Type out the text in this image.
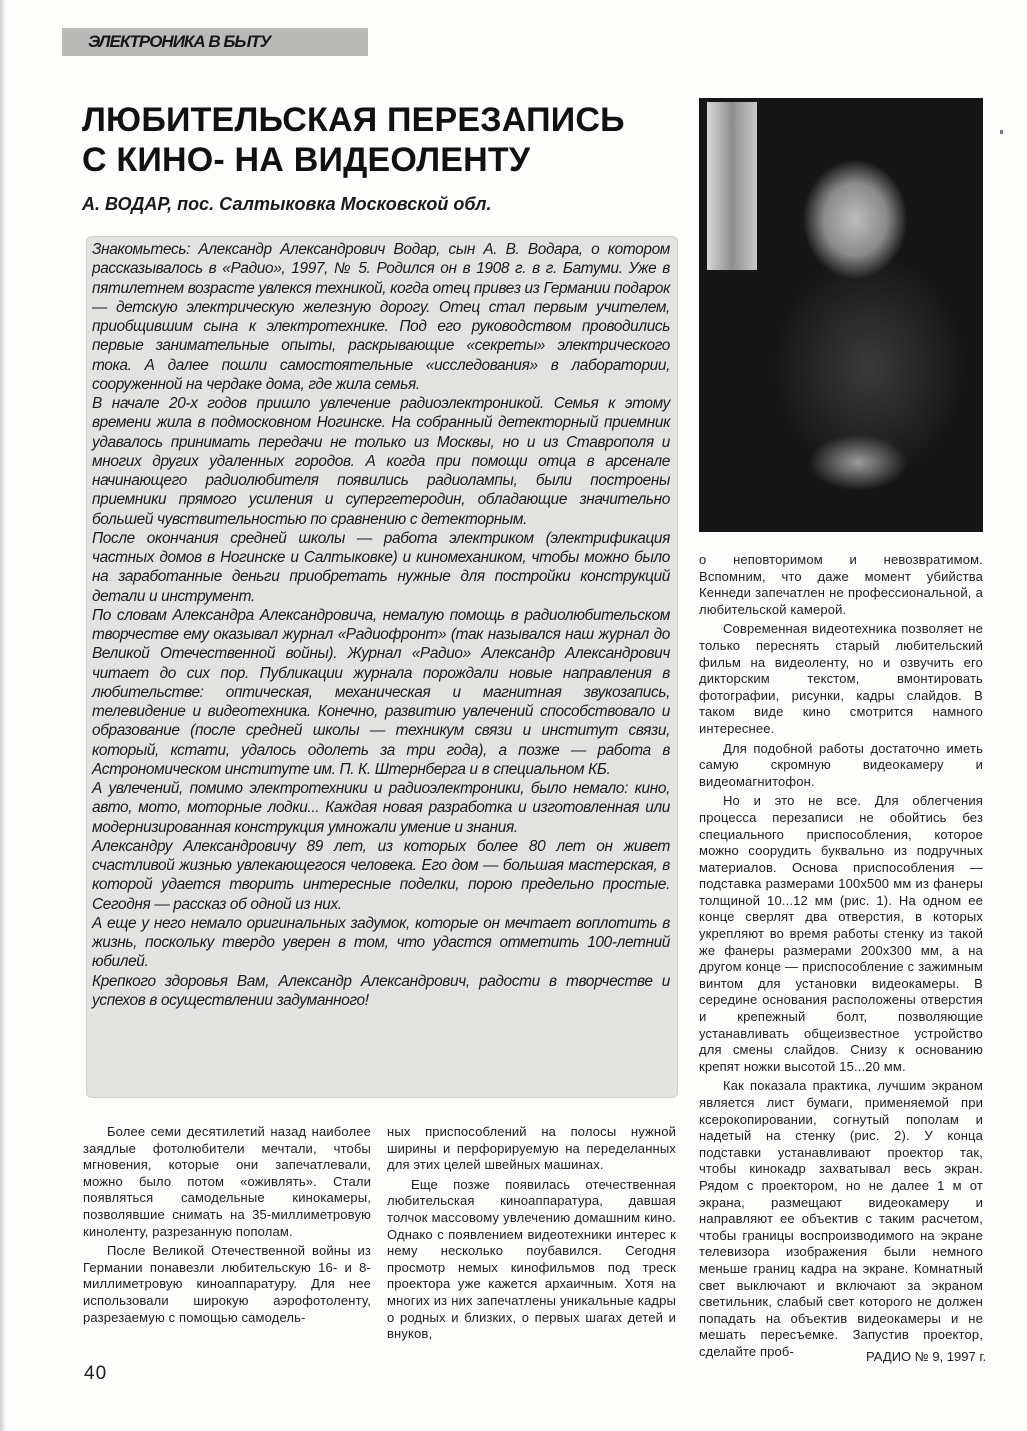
ЭЛЕКТРОНИКА В БЫТУ
ЛЮБИТЕЛЬСКАЯ ПЕРЕЗАПИСЬ
С КИНО- НА ВИДЕОЛЕНТУ

А. ВОДАР, пос. Салтыковка Московской обл.

Знакомьтесь: Александр Александрович Водар, сын А. В. Водара, о котором рассказывалось в «Радио», 1997, № 5. Родился он в 1908 г. в г. Батуми. Уже в пятилетнем возрасте увлекся техникой, когда отец привез из Германии подарок — детскую электрическую железную дорогу. Отец стал первым учителем, приобщившим сына к электротехнике. Под его руководством проводились первые занимательные опыты, раскрывающие «секреты» электрического тока. А далее пошли самостоятельные «исследования» в лаборатории, сооруженной на чердаке дома, где жила семья.

В начале 20-х годов пришло увлечение радиоэлектроникой. Семья к этому времени жила в подмосковном Ногинске. На собранный детекторный приемник удавалось принимать передачи не только из Москвы, но и из Ставрополя и многих других удаленных городов. А когда при помощи отца в арсенале начинающего радиолюбителя появились радиолампы, были построены приемники прямого усиления и супергетеродин, обладающие значительно большей чувствительностью по сравнению с детекторным.

После окончания средней школы — работа электриком (электрификация частных домов в Ногинске и Салтыковке) и киномехаником, чтобы можно было на заработанные деньги приобретать нужные для постройки конструкций детали и инструмент.

По словам Александра Александровича, немалую помощь в радиолюбительском творчестве ему оказывал журнал «Радиофронт» (так назывался наш журнал до Великой Отечественной войны). Журнал «Радио» Александр Александрович читает до сих пор. Публикации журнала порождали новые направления в любительстве: оптическая, механическая и магнитная звукозапись, телевидение и видеотехника. Конечно, развитию увлечений способствовало и образование (после средней школы — техникум связи и институт связи, который, кстати, удалось одолеть за три года), а позже — работа в Астрономическом институте им. П. К. Штернберга и в специальном КБ.

А увлечений, помимо электротехники и радиоэлектроники, было немало: кино, авто, мото, моторные лодки... Каждая новая разработка и изготовленная или модернизированная конструкция умножали умение и знания.

Александру Александровичу 89 лет, из которых более 80 лет он живет счастливой жизнью увлекающегося человека. Его дом — большая мастерская, в которой удается творить интересные поделки, порою предельно простые. Сегодня — рассказ об одной из них.

А еще у него немало оригинальных задумок, которые он мечтает воплотить в жизнь, поскольку твердо уверен в том, что удастся отметить 100-летний юбилей.

Крепкого здоровья Вам, Александр Александрович, радости в творчестве и успехов в осуществлении задуманного!

Более семи десятилетий назад наиболее заядлые фотолюбители мечтали, чтобы мгновения, которые они запечатлевали, можно было потом «оживлять». Стали появляться самодельные кинокамеры, позволявшие снимать на 35-миллиметровую киноленту, разрезанную пополам.

После Великой Отечественной войны из Германии понавезли любительскую 16- и 8-миллиметровую киноаппаратуру. Для нее использовали широкую аэрофотоленту, разрезаемую с помощью самодель-

ных приспособлений на полосы нужной ширины и перфорируемую на переделанных для этих целей швейных машинах.

Еще позже появилась отечественная любительская киноаппаратура, давшая толчок массовому увлечению домашним кино. Однако с появлением видеотехники интерес к нему несколько поубавился. Сегодня просмотр немых кинофильмов под треск проектора уже кажется архаичным. Хотя на многих из них запечатлены уникальные кадры о родных и близких, о первых шагах детей и внуков,

о неповторимом и невозвратимом. Вспомним, что даже момент убийства Кеннеди запечатлен не профессиональной, а любительской камерой.

Современная видеотехника позволяет не только переснять старый любительский фильм на видеоленту, но и озвучить его дикторским текстом, вмонтировать фотографии, рисунки, кадры слайдов. В таком виде кино смотрится намного интереснее.

Для подобной работы достаточно иметь самую скромную видеокамеру и видеомагнитофон.

Но и это не все. Для облегчения процесса перезаписи не обойтись без специального приспособления, которое можно соорудить буквально из подручных материалов. Основа приспособления — подставка размерами 100x500 мм из фанеры толщиной 10...12 мм (рис. 1). На одном ее конце сверлят два отверстия, в которых укрепляют во время работы стенку из такой же фанеры размерами 200x300 мм, а на другом конце — приспособление с зажимным винтом для установки видеокамеры. В середине основания расположены отверстия и крепежный болт, позволяющие устанавливать общеизвестное устройство для смены слайдов. Снизу к основанию крепят ножки высотой 15...20 мм.

Как показала практика, лучшим экраном является лист бумаги, применяемой при ксерокопировании, согнутый пополам и надетый на стенку (рис. 2). У конца подставки устанавливают проектор так, чтобы кинокадр захватывал весь экран. Рядом с проектором, но не далее 1 м от экрана, размещают видеокамеру и направляют ее объектив с таким расчетом, чтобы границы воспроизводимого на экране телевизора изображения были немного меньше границ кадра на экране. Комнатный свет выключают и включают за экраном светильник, слабый свет которого не должен попадать на объектив видеокамеры и не мешать пересъемке. Запустив проектор, сделайте проб-

40
РАДИО № 9, 1997 г.
